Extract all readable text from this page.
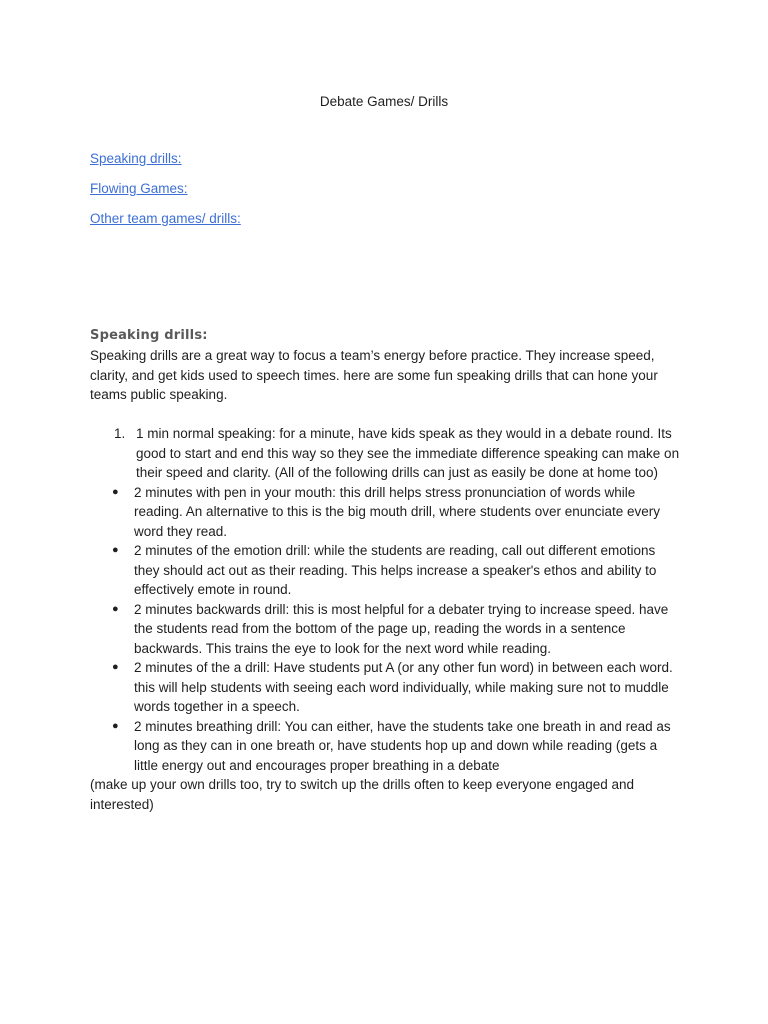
Debate Games/ Drills
Speaking drills:
Flowing Games:
Other team games/ drills:
Speaking drills:

Speaking drills are a great way to focus a team’s energy before practice. They increase speed, clarity, and get kids used to speech times. here are some fun speaking drills that can hone your teams public speaking.

1. 1 min normal speaking: for a minute, have kids speak as they would in a debate round. Its good to start and end this way so they see the immediate difference speaking can make on their speed and clarity. (All of the following drills can just as easily be done at home too)
● 2 minutes with pen in your mouth: this drill helps stress pronunciation of words while reading. An alternative to this is the big mouth drill, where students over enunciate every word they read.
● 2 minutes of the emotion drill: while the students are reading, call out different emotions they should act out as their reading. This helps increase a speaker's ethos and ability to effectively emote in round.
● 2 minutes backwards drill: this is most helpful for a debater trying to increase speed. have the students read from the bottom of the page up, reading the words in a sentence backwards. This trains the eye to look for the next word while reading.
● 2 minutes of the a drill: Have students put A (or any other fun word) in between each word. this will help students with seeing each word individually, while making sure not to muddle words together in a speech.
● 2 minutes breathing drill: You can either, have the students take one breath in and read as long as they can in one breath or, have students hop up and down while reading (gets a little energy out and encourages proper breathing in a debate

(make up your own drills too, try to switch up the drills often to keep everyone engaged and interested)
